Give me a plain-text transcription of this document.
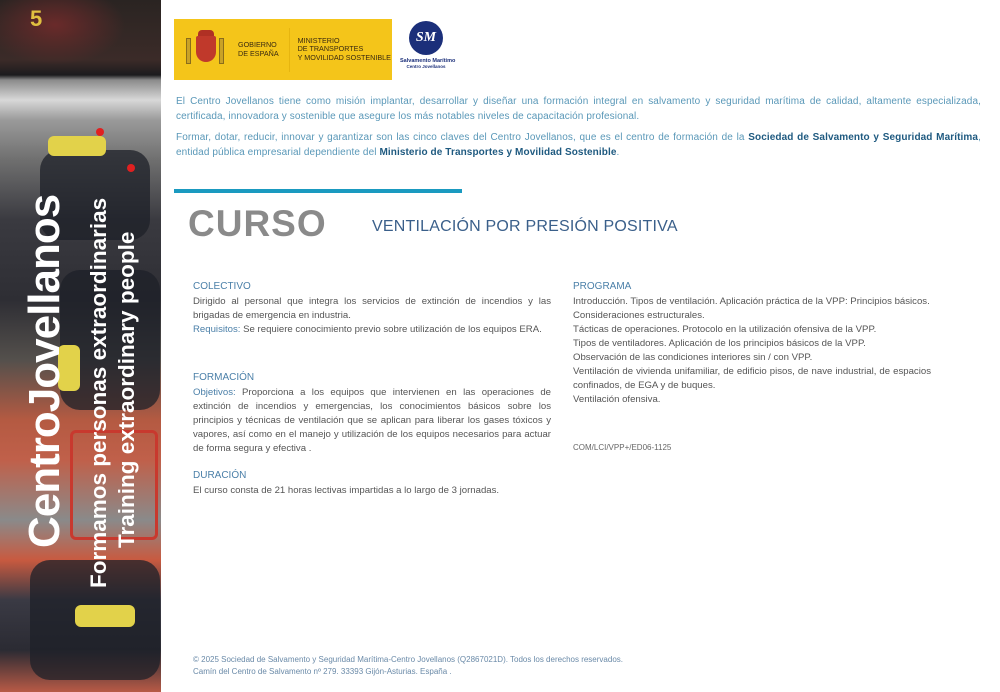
5
CentroJovellanos Formamos personas extraordinarias Training extraordinary people
GOBIERNO
DE ESPAÑA
MINISTERIO
DE TRANSPORTES
Y MOVILIDAD SOSTENIBLE
SM
Salvamento Marítimo
Centro Jovellanos

El Centro Jovellanos tiene como misión implantar, desarrollar y diseñar una formación integral en salvamento y seguridad marítima de calidad, altamente especializada, certificada, innovadora y sostenible que asegure los más notables niveles de capacitación profesional.

Formar, dotar, reducir, innovar y garantizar son las cinco claves del Centro Jovellanos, que es el centro de formación de la Sociedad de Salvamento y Seguridad Marítima, entidad pública empresarial dependiente del Ministerio de Transportes y Movilidad Sostenible.

CURSO	VENTILACIÓN POR PRESIÓN POSITIVA
COLECTIVO
Dirigido al personal que integra los servicios de extinción de incendios y las brigadas de emergencia en industria.
Requisitos: Se requiere conocimiento previo sobre utilización de los equipos ERA.
FORMACIÓN
Objetivos: Proporciona a los equipos que intervienen en las operaciones de extinción de incendios y emergencias, los conocimientos básicos sobre los principios y técnicas de ventilación que se aplican para liberar los gases tóxicos y vapores, así como en el manejo y utilización de los equipos necesarios para actuar de forma segura y efectiva .
DURACIÓN
El curso consta de 21 horas lectivas impartidas a lo largo de 3 jornadas.
PROGRAMA
Introducción. Tipos de ventilación. Aplicación práctica de la VPP: Principios básicos.
Consideraciones estructurales.
Tácticas de operaciones. Protocolo en la utilización ofensiva de la VPP.
Tipos de ventiladores. Aplicación de los principios básicos de la VPP.
Observación de las condiciones interiores sin / con VPP.
Ventilación de vivienda unifamiliar, de edificio pisos, de nave industrial, de espacios confinados, de EGA y de buques.
Ventilación ofensiva.
COM/LCI/VPP+/ED06-1125
© 2025 Sociedad de Salvamento y Seguridad Marítima-Centro Jovellanos (Q2867021D). Todos los derechos reservados.
Camín del Centro de Salvamento nº 279. 33393 Gijón-Asturias. España .
